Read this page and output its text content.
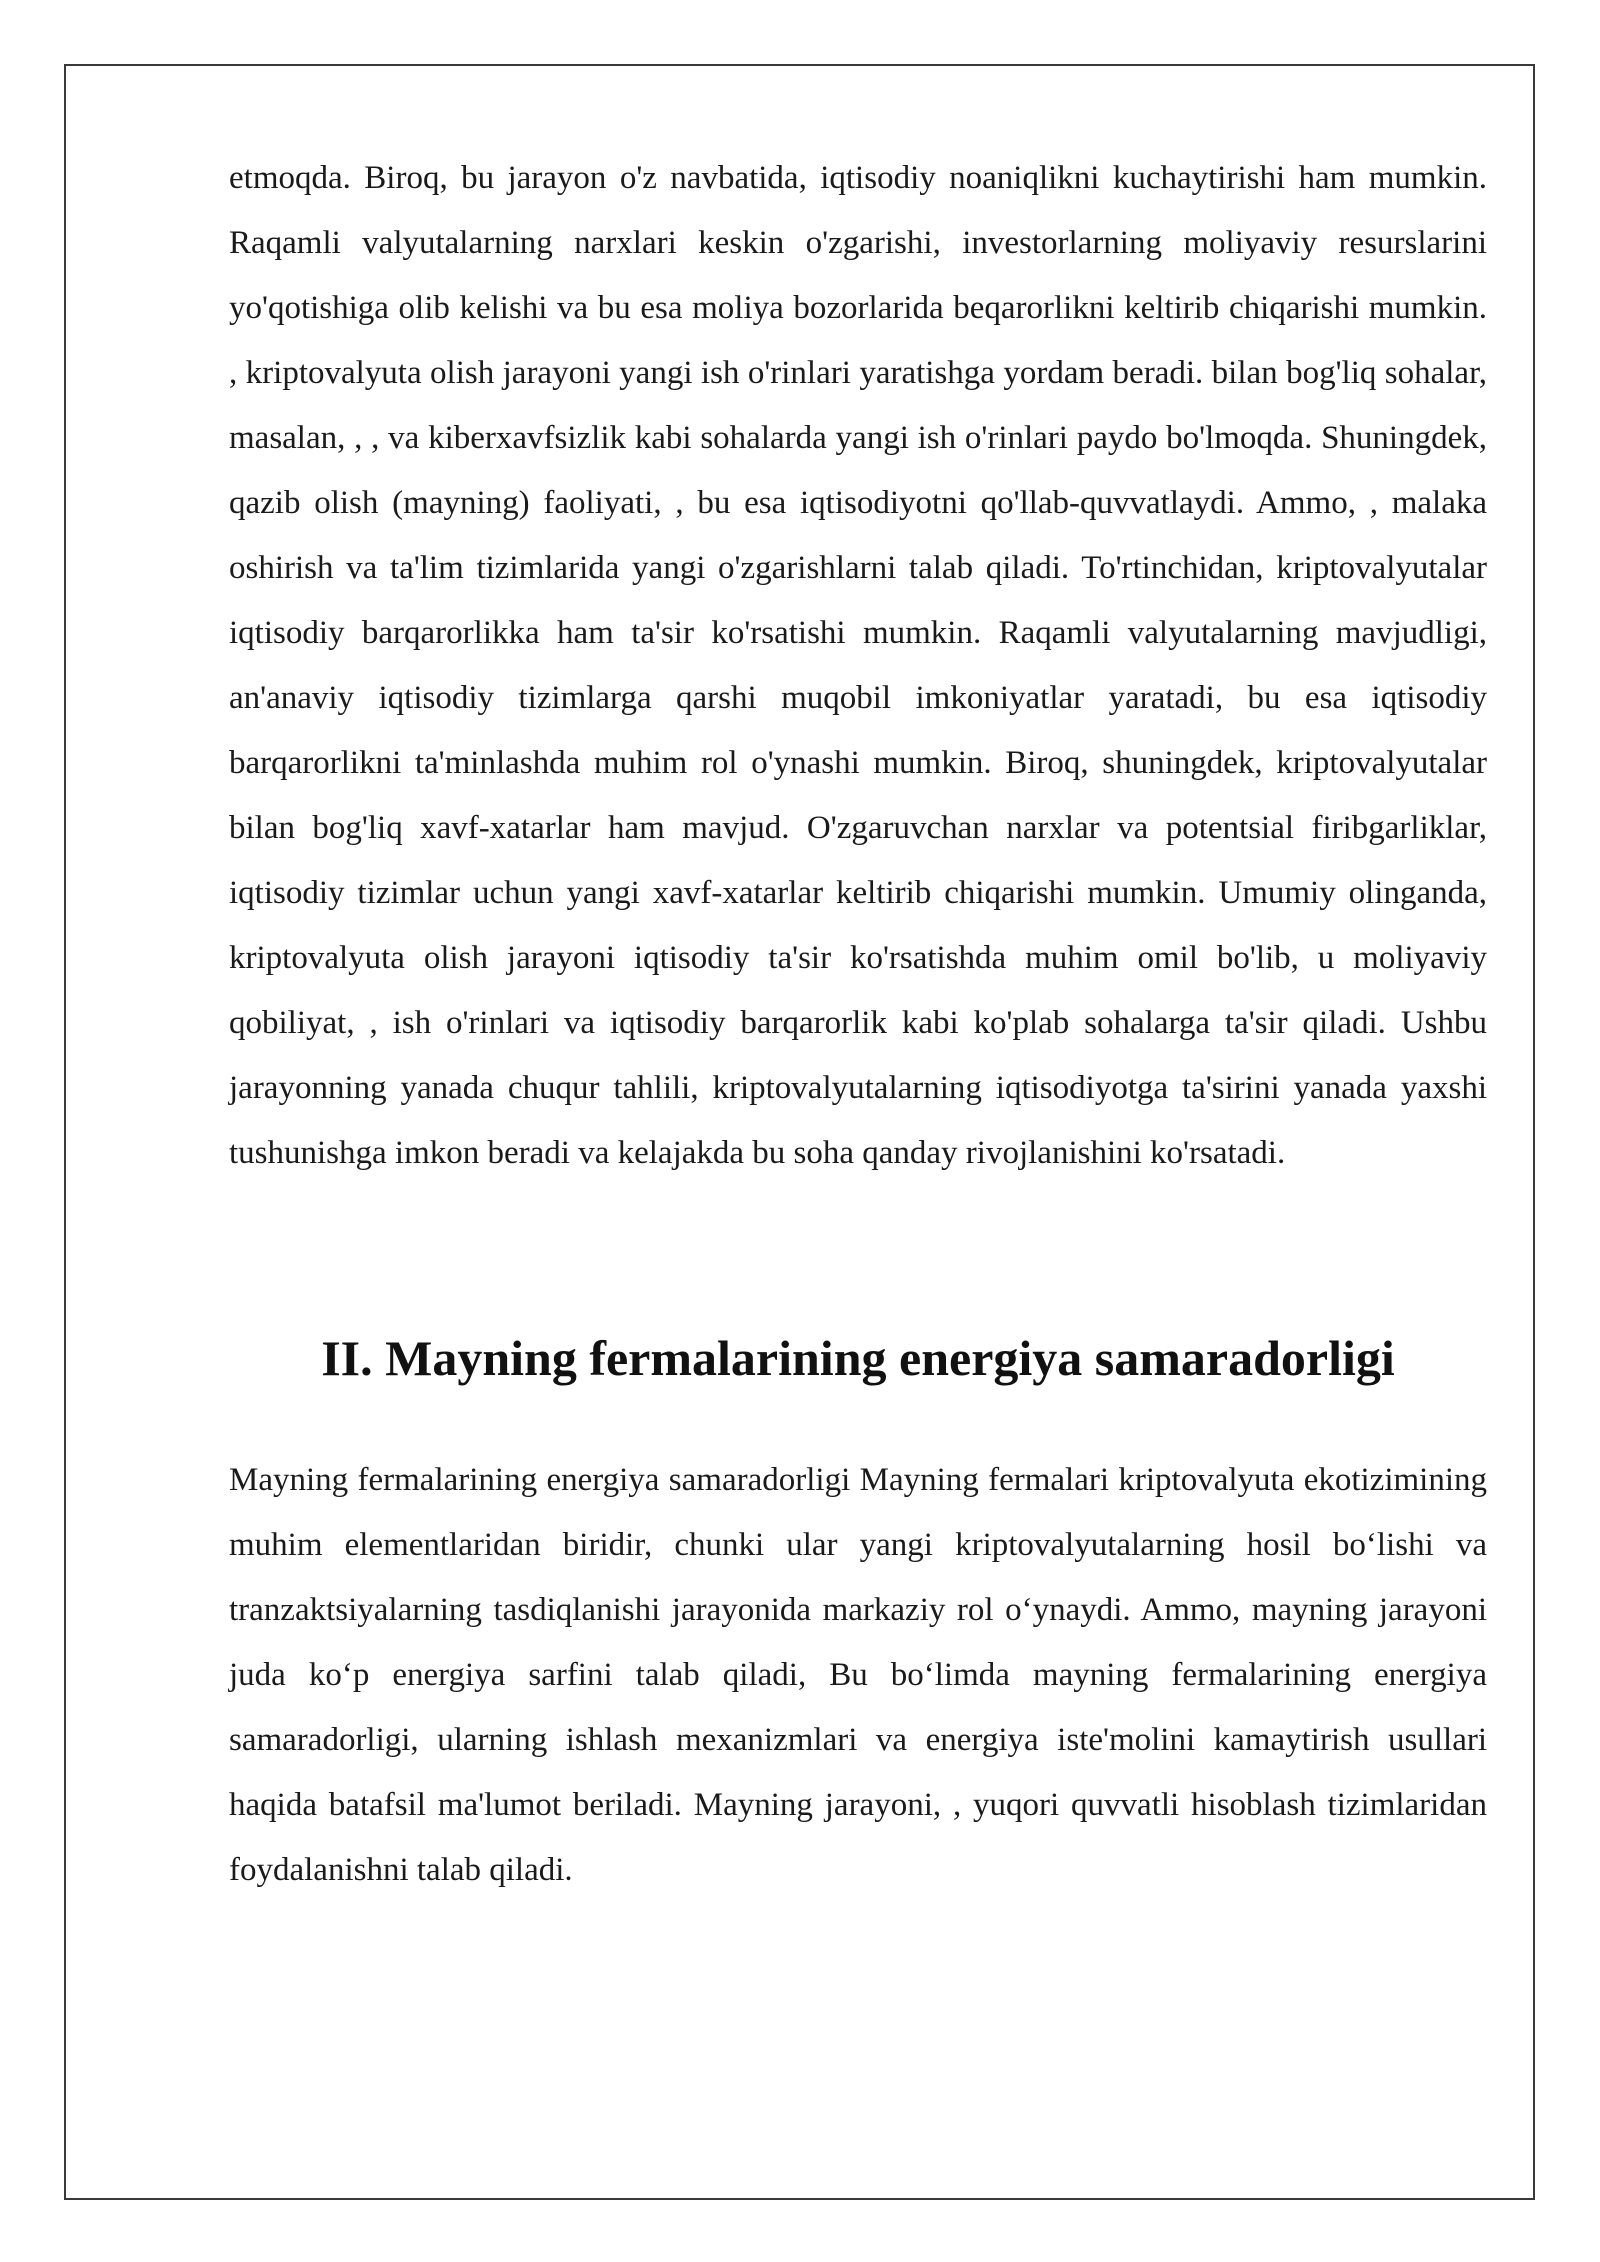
etmoqda. Biroq, bu jarayon o'z navbatida, iqtisodiy noaniqlikni kuchaytirishi ham mumkin. Raqamli valyutalarning narxlari keskin o'zgarishi, investorlarning moliyaviy resurslarini yo'qotishiga olib kelishi va bu esa moliya bozorlarida beqarorlikni keltirib chiqarishi mumkin. , kriptovalyuta olish jarayoni yangi ish o'rinlari yaratishga yordam beradi. bilan bog'liq sohalar, masalan, , , va kiberxavfsizlik kabi sohalarda yangi ish o'rinlari paydo bo'lmoqda. Shuningdek, qazib olish (mayning) faoliyati, , bu esa iqtisodiyotni qo'llab-quvvatlaydi. Ammo, , malaka oshirish va ta'lim tizimlarida yangi o'zgarishlarni talab qiladi. To'rtinchidan, kriptovalyutalar iqtisodiy barqarorlikka ham ta'sir ko'rsatishi mumkin. Raqamli valyutalarning mavjudligi, an'anaviy iqtisodiy tizimlarga qarshi muqobil imkoniyatlar yaratadi, bu esa iqtisodiy barqarorlikni ta'minlashda muhim rol o'ynashi mumkin. Biroq, shuningdek, kriptovalyutalar bilan bog'liq xavf-xatarlar ham mavjud. O'zgaruvchan narxlar va potentsial firibgarliklar, iqtisodiy tizimlar uchun yangi xavf-xatarlar keltirib chiqarishi mumkin. Umumiy olinganda, kriptovalyuta olish jarayoni iqtisodiy ta'sir ko'rsatishda muhim omil bo'lib, u moliyaviy qobiliyat, , ish o'rinlari va iqtisodiy barqarorlik kabi ko'plab sohalarga ta'sir qiladi. Ushbu jarayonning yanada chuqur tahlili, kriptovalyutalarning iqtisodiyotga ta'sirini yanada yaxshi tushunishga imkon beradi va kelajakda bu soha qanday rivojlanishini ko'rsatadi.

II. Mayning fermalarining energiya samaradorligi

Mayning fermalarining energiya samaradorligi Mayning fermalari kriptovalyuta ekotizimining muhim elementlaridan biridir, chunki ular yangi kriptovalyutalarning hosil bo‘lishi va tranzaktsiyalarning tasdiqlanishi jarayonida markaziy rol o‘ynaydi. Ammo, mayning jarayoni juda ko‘p energiya sarfini talab qiladi, Bu bo‘limda mayning fermalarining energiya samaradorligi, ularning ishlash mexanizmlari va energiya iste'molini kamaytirish usullari haqida batafsil ma'lumot beriladi. Mayning jarayoni, , yuqori quvvatli hisoblash tizimlaridan foydalanishni talab qiladi.
